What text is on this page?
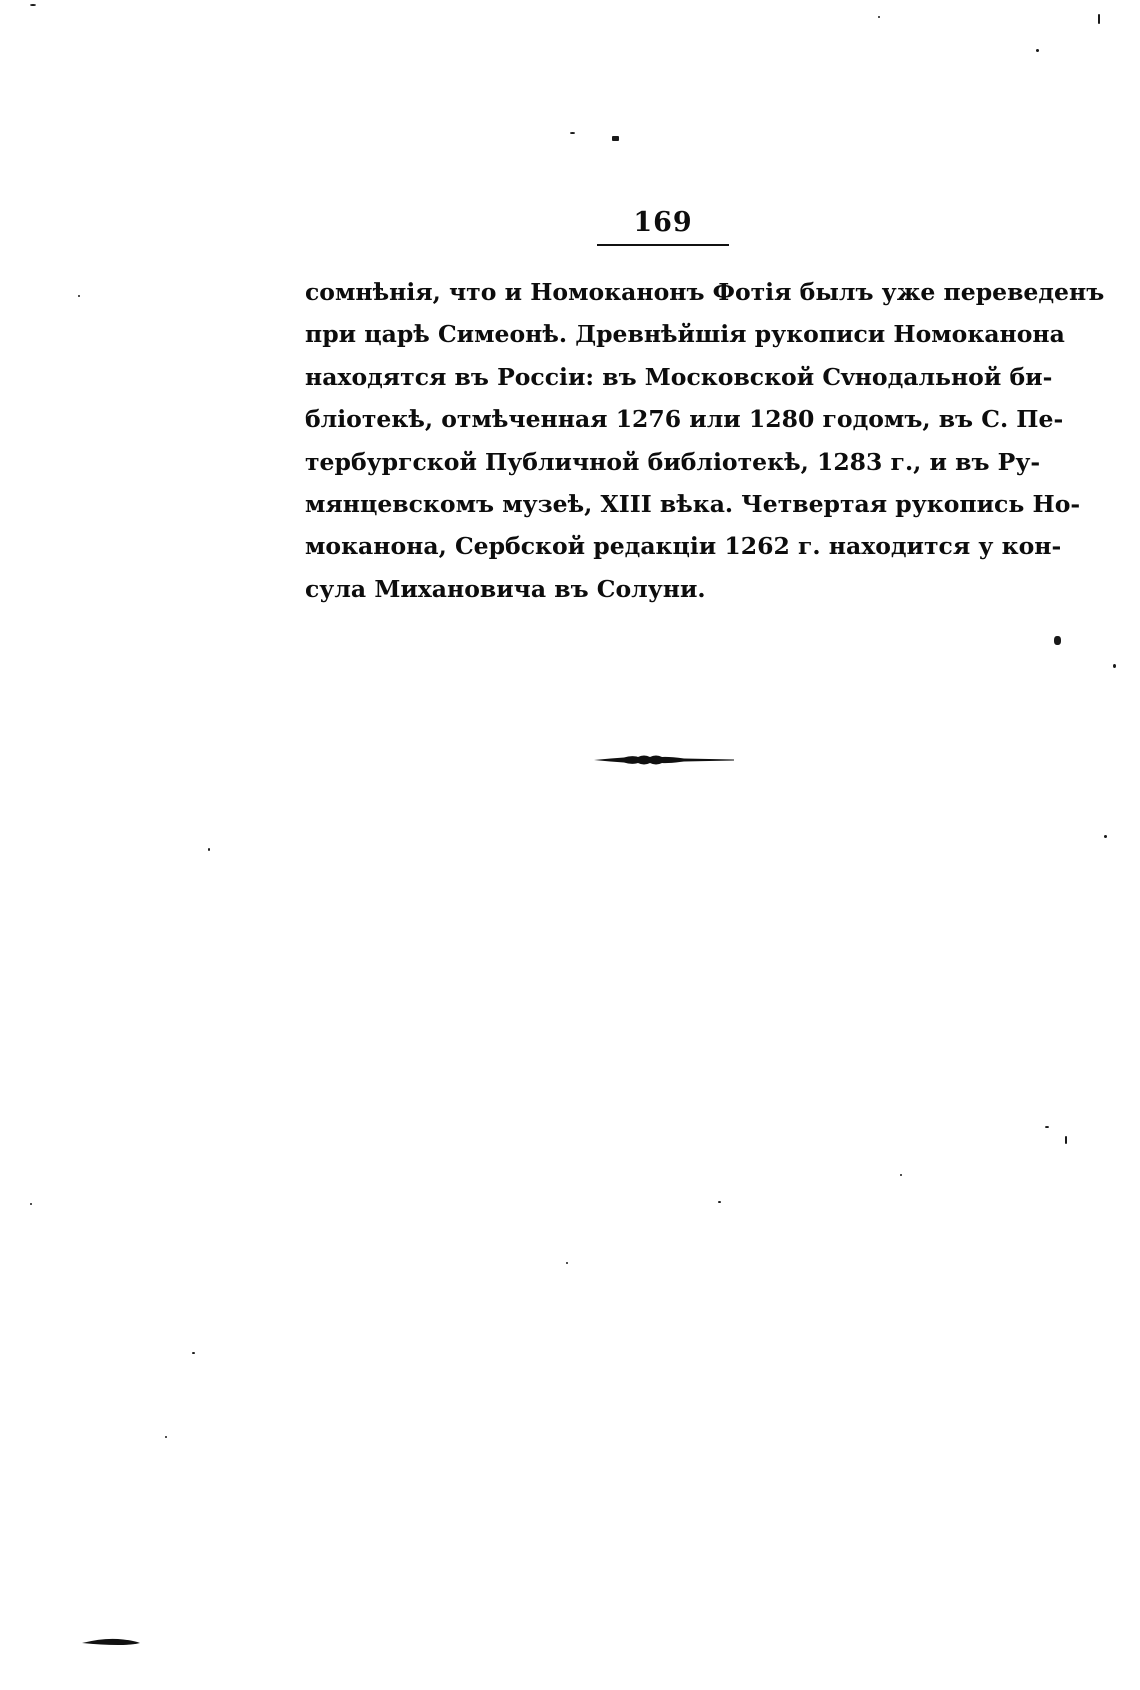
169
сомнѣнія, что и Номоканонъ Фотія былъ уже переведенъ
при царѣ Симеонѣ. Древнѣйшія рукописи Номоканона
находятся въ Россіи: въ Московской Сvнодальной би-
бліотекѣ, отмѣченная 1276 или 1280 годомъ, въ С. Пе-
тербургской Публичной библіотекѣ, 1283 г., и въ Ру-
мянцевскомъ музеѣ, XIII вѣка. Четвертая рукопись Но-
моканона, Сербской редакціи 1262 г. находится у кон-
сула Михановича въ Солуни.
